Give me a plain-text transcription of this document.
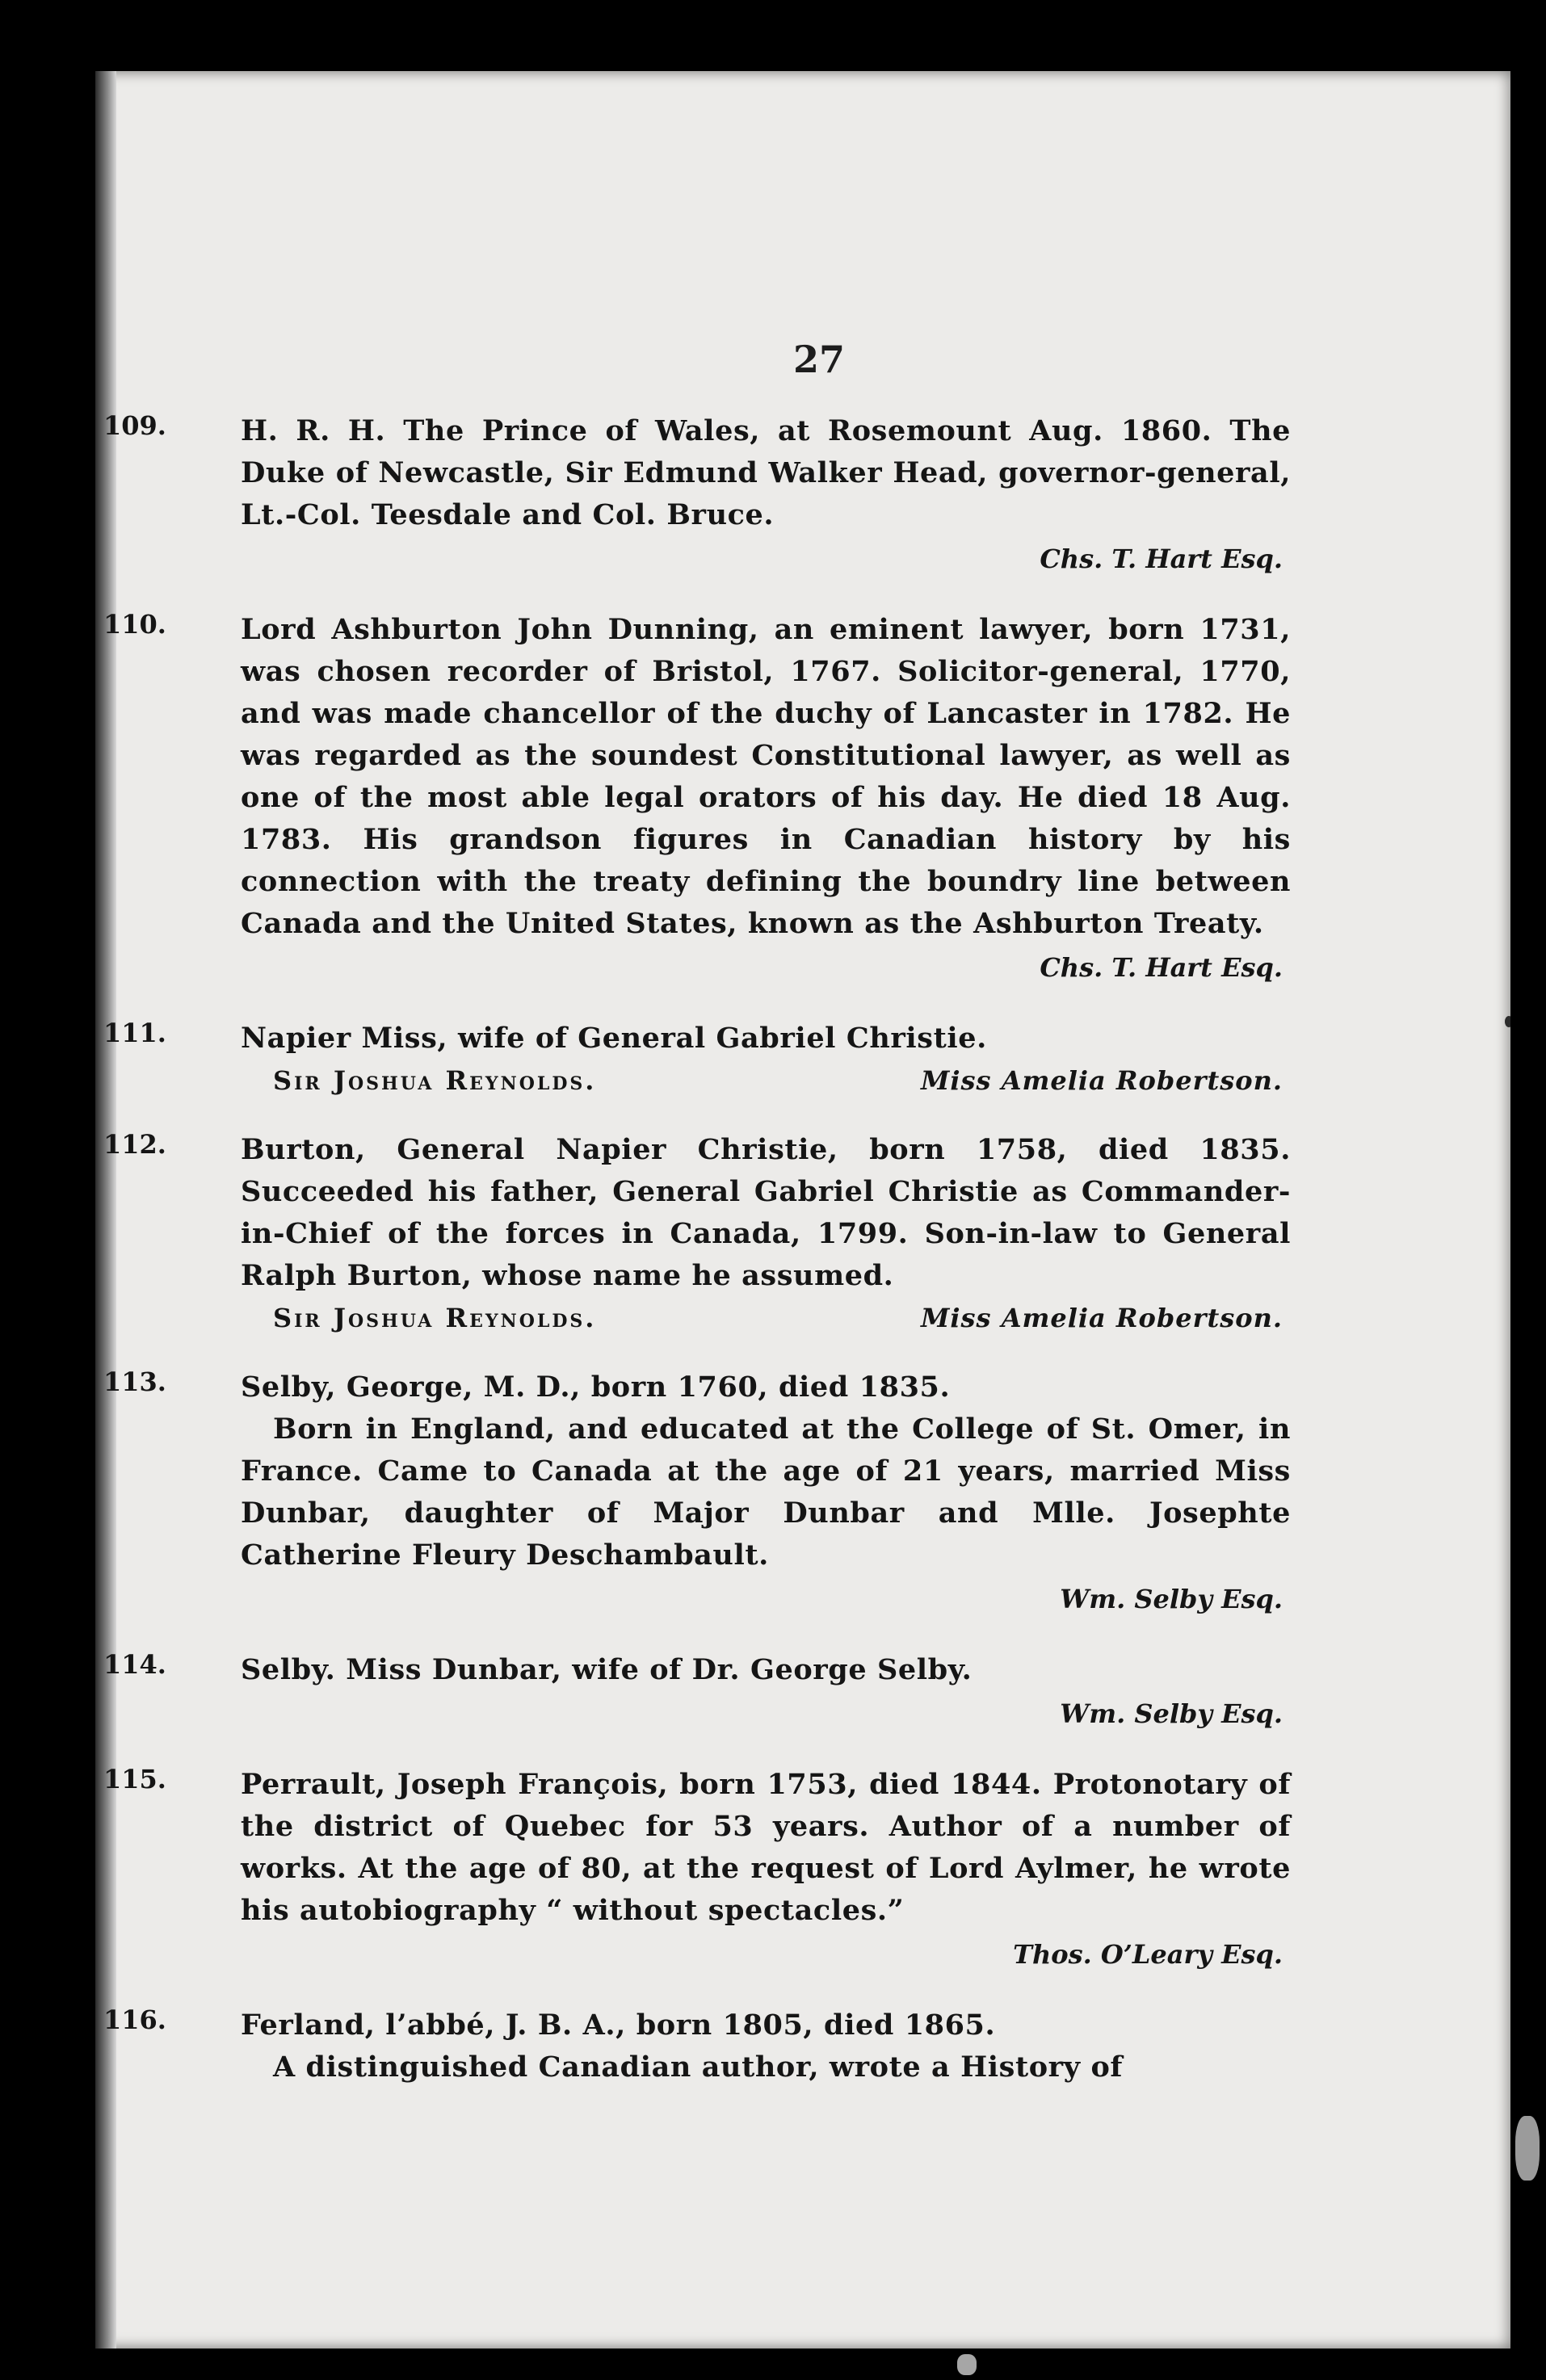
27
109.	H. R. H. The Prince of Wales, at Rosemount Aug. 1860. The Duke of Newcastle, Sir Edmund Walker Head, governor-general, Lt.-Col. Teesdale and Col. Bruce.
Chs. T. Hart Esq.
110.	Lord Ashburton John Dunning, an eminent lawyer, born 1731, was chosen recorder of Bristol, 1767. Solicitor-general, 1770, and was made chancellor of the duchy of Lancaster in 1782. He was regarded as the soundest Constitutional lawyer, as well as one of the most able legal orators of his day. He died 18 Aug. 1783. His grandson figures in Canadian history by his connection with the treaty defining the boundry line between Canada and the United States, known as the Ashburton Treaty.
Chs. T. Hart Esq.
111.	Napier Miss, wife of General Gabriel Christie.
Sir Joshua Reynolds.	Miss Amelia Robertson.
112.	Burton, General Napier Christie, born 1758, died 1835. Succeeded his father, General Gabriel Christie as Commander-in-Chief of the forces in Canada, 1799. Son-in-law to General Ralph Burton, whose name he assumed.
Sir Joshua Reynolds.	Miss Amelia Robertson.
113.	Selby, George, M. D., born 1760, died 1835.
Born in England, and educated at the College of St. Omer, in France. Came to Canada at the age of 21 years, married Miss Dunbar, daughter of Major Dunbar and Mlle. Josephte Catherine Fleury Deschambault.
Wm. Selby Esq.
114.	Selby. Miss Dunbar, wife of Dr. George Selby.
Wm. Selby Esq.
115.	Perrault, Joseph François, born 1753, died 1844. Protonotary of the district of Quebec for 53 years. Author of a number of works. At the age of 80, at the request of Lord Aylmer, he wrote his autobiography “ without spectacles.”
Thos. O’Leary Esq.
116.	Ferland, l’abbé, J. B. A., born 1805, died 1865.
A distinguished Canadian author, wrote a History of
